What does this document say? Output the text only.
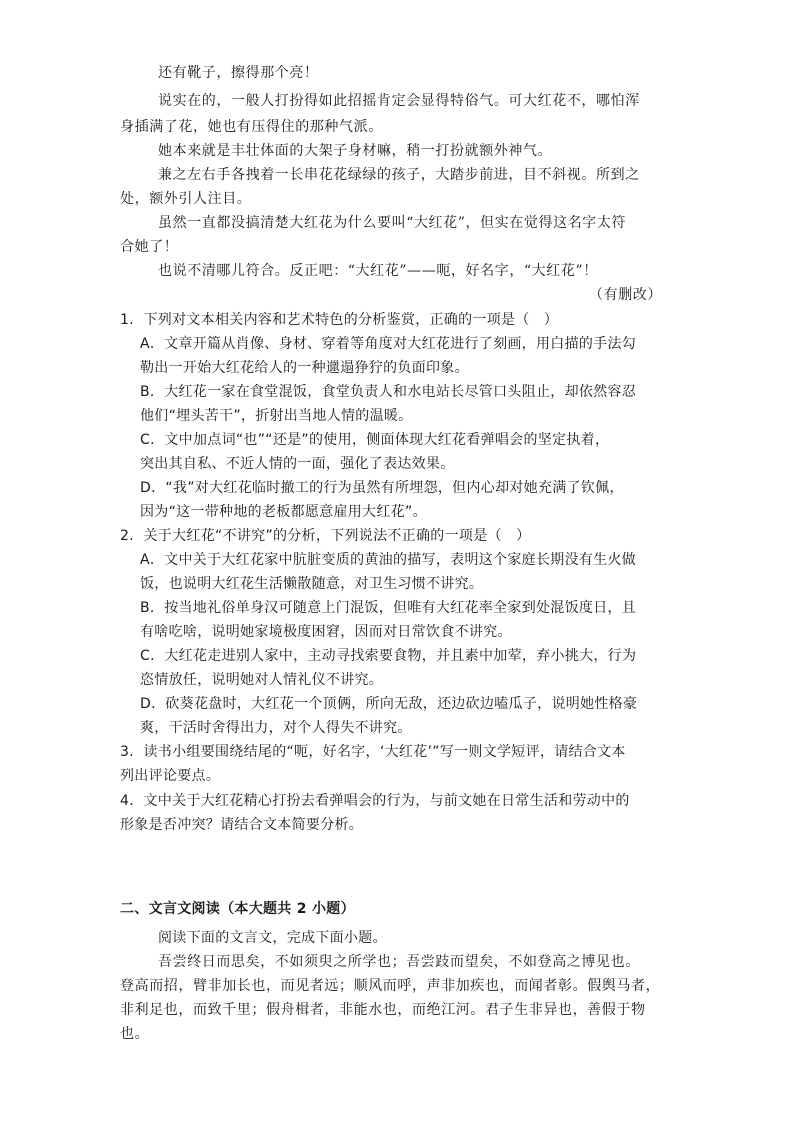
还有靴子，擦得那个亮！
说实在的，一般人打扮得如此招摇肯定会显得特俗气。可大红花不，哪怕浑
身插满了花，她也有压得住的那种气派。
她本来就是丰壮体面的大架子身材嘛，稍一打扮就额外神气。
兼之左右手各拽着一长串花花绿绿的孩子，大踏步前进，目不斜视。所到之
处，额外引人注目。
虽然一直都没搞清楚大红花为什么要叫“大红花”，但实在觉得这名字太符
合她了！
也说不清哪儿符合。反正吧：“大红花”——呃，好名字，“大红花”！
（有删改）
1．下列对文本相关内容和艺术特色的分析鉴赏，正确的一项是（　）
A．文章开篇从肖像、身材、穿着等角度对大红花进行了刻画，用白描的手法勾
勒出一开始大红花给人的一种邋遢狰狞的负面印象。
B．大红花一家在食堂混饭，食堂负责人和水电站长尽管口头阻止，却依然容忍
他们“埋头苦干”，折射出当地人情的温暖。
C．文中加点词“也”“还是”的使用，侧面体现大红花看弹唱会的坚定执着，
突出其自私、不近人情的一面，强化了表达效果。
D．“我”对大红花临时撤工的行为虽然有所埋怨，但内心却对她充满了钦佩，
因为“这一带种地的老板都愿意雇用大红花”。
2．关于大红花“不讲究”的分析，下列说法不正确的一项是（　）
A．文中关于大红花家中肮脏变质的黄油的描写，表明这个家庭长期没有生火做
饭，也说明大红花生活懒散随意，对卫生习惯不讲究。
B．按当地礼俗单身汉可随意上门混饭，但唯有大红花率全家到处混饭度日，且
有啥吃啥，说明她家境极度困窘，因而对日常饮食不讲究。
C．大红花走进别人家中，主动寻找索要食物，并且素中加荤，弃小挑大，行为
恣情放任，说明她对人情礼仪不讲究。
D．砍葵花盘时，大红花一个顶俩，所向无敌，还边砍边嗑瓜子，说明她性格豪
爽，干活时舍得出力，对个人得失不讲究。
3．读书小组要围绕结尾的“呃，好名字，‘大红花’”写一则文学短评，请结合文本
列出评论要点。
4．文中关于大红花精心打扮去看弹唱会的行为，与前文她在日常生活和劳动中的
形象是否冲突？请结合文本简要分析。
二、文言文阅读（本大题共 2 小题）
阅读下面的文言文，完成下面小题。
吾尝终日而思矣，不如须臾之所学也；吾尝跂而望矣，不如登高之博见也。
登高而招，臂非加长也，而见者远；顺风而呼，声非加疾也，而闻者彰。假舆马者，
非利足也，而致千里；假舟楫者，非能水也，而绝江河。君子生非异也，善假于物
也。
